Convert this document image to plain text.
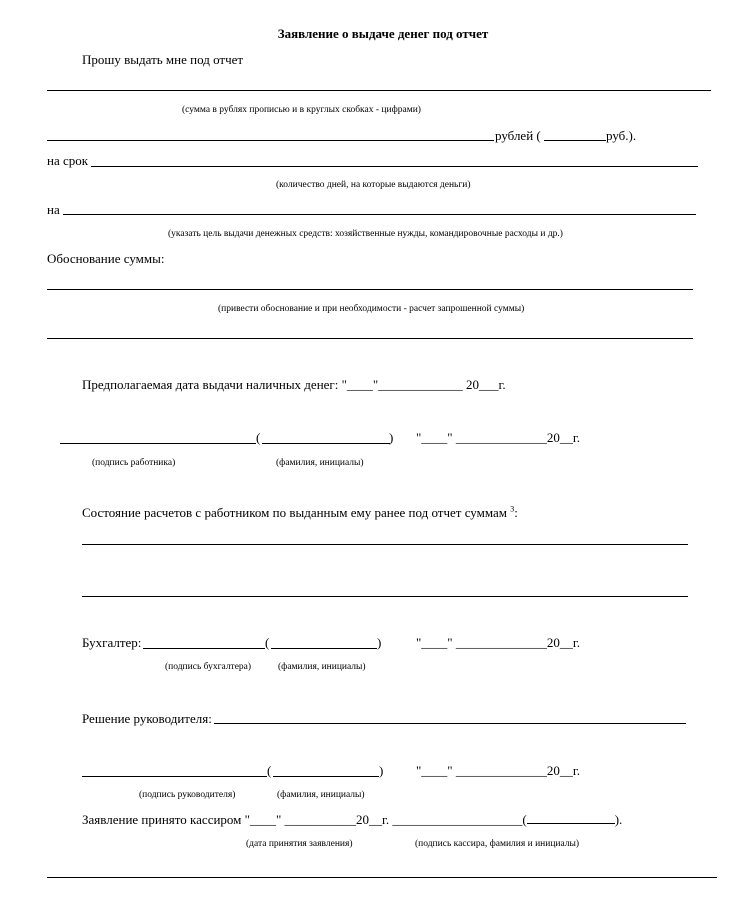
Заявление о выдаче денег под отчет
Прошу выдать мне под отчет
(сумма в рублях прописью и в круглых скобках - цифрами)
рублей (	руб.).
на срок
(количество дней, на которые выдаются деньги)
на
(указать цель выдачи денежных средств: хозяйственные нужды, командировочные расходы и др.)
Обоснование суммы:
(привести обоснование и при необходимости - расчет запрошенной суммы)
Предполагаемая дата выдачи наличных денег: "____"_____________ 20___г.
(	) "____" ______________20__г.
(подпись работника)	(фамилия, инициалы)
Состояние расчетов с работником по выданным ему ранее под отчет суммам $^3$:
Бухгалтер:	(	)	"____" ______________20__г.
(подпись бухгалтера)	(фамилия, инициалы)
Решение руководителя:
(	)	"____" ______________20__г.
(подпись руководителя)	(фамилия, инициалы)
Заявление принято кассиром "____" ___________20__г. ____________________(	).
(дата принятия заявления)	(подпись кассира, фамилия и инициалы)
